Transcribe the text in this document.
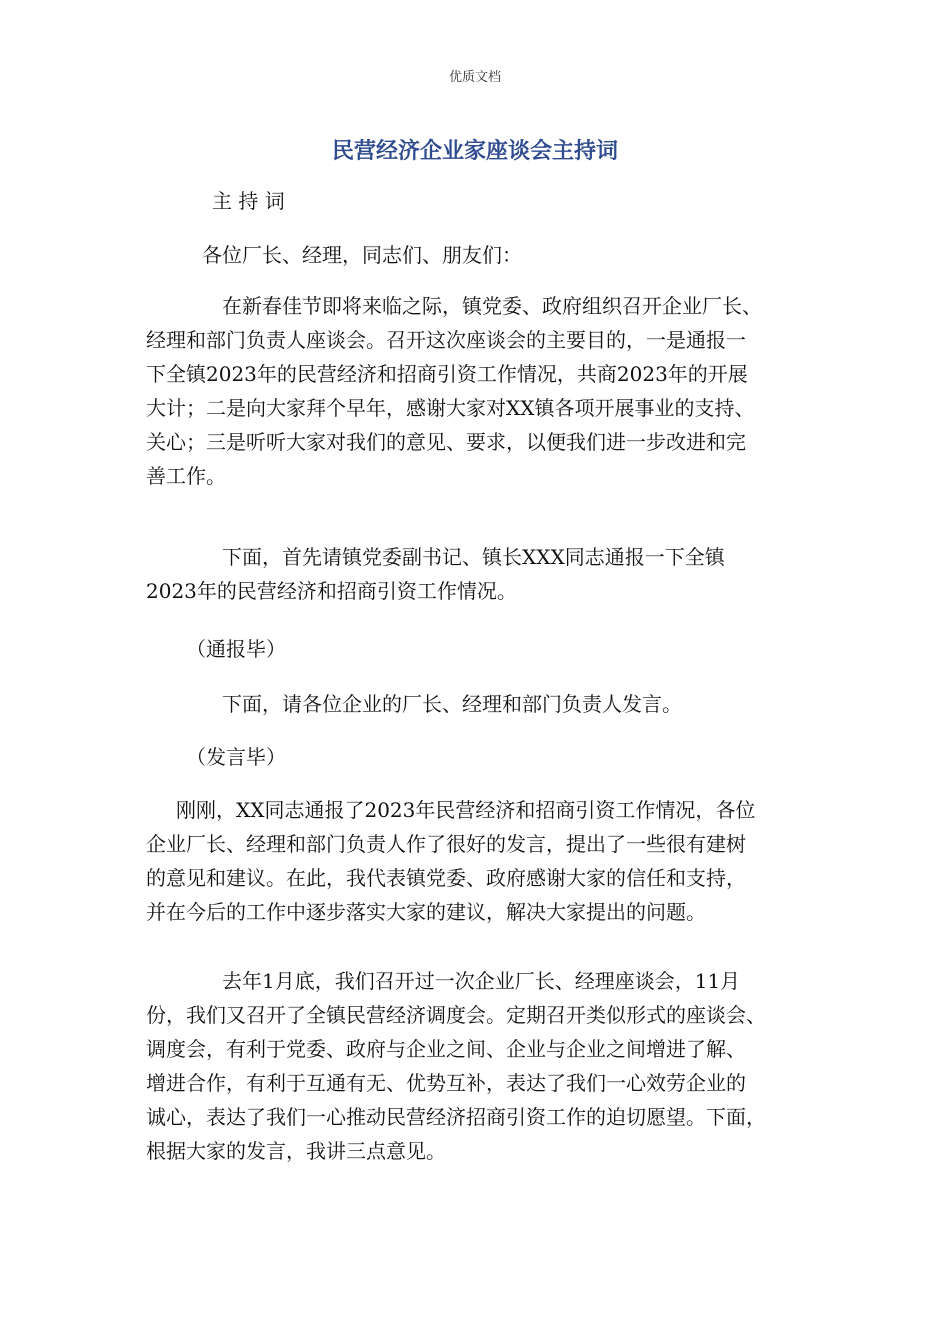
优质文档
民营经济企业家座谈会主持词

主 持 词

各位厂长、经理，同志们、朋友们：

在新春佳节即将来临之际，镇党委、政府组织召开企业厂长、
经理和部门负责人座谈会。召开这次座谈会的主要目的，一是通报一
下全镇2023年的民营经济和招商引资工作情况，共商2023年的开展
大计；二是向大家拜个早年，感谢大家对XX镇各项开展事业的支持、
关心；三是听听大家对我们的意见、要求，以便我们进一步改进和完
善工作。

下面，首先请镇党委副书记、镇长XXX同志通报一下全镇
2023年的民营经济和招商引资工作情况。

（通报毕）

下面，请各位企业的厂长、经理和部门负责人发言。

（发言毕）

刚刚，XX同志通报了2023年民营经济和招商引资工作情况，各位
企业厂长、经理和部门负责人作了很好的发言，提出了一些很有建树
的意见和建议。在此，我代表镇党委、政府感谢大家的信任和支持，
并在今后的工作中逐步落实大家的建议，解决大家提出的问题。

去年1月底，我们召开过一次企业厂长、经理座谈会，11月
份，我们又召开了全镇民营经济调度会。定期召开类似形式的座谈会、
调度会，有利于党委、政府与企业之间、企业与企业之间增进了解、
增进合作，有利于互通有无、优势互补，表达了我们一心效劳企业的
诚心，表达了我们一心推动民营经济招商引资工作的迫切愿望。下面，
根据大家的发言，我讲三点意见。
